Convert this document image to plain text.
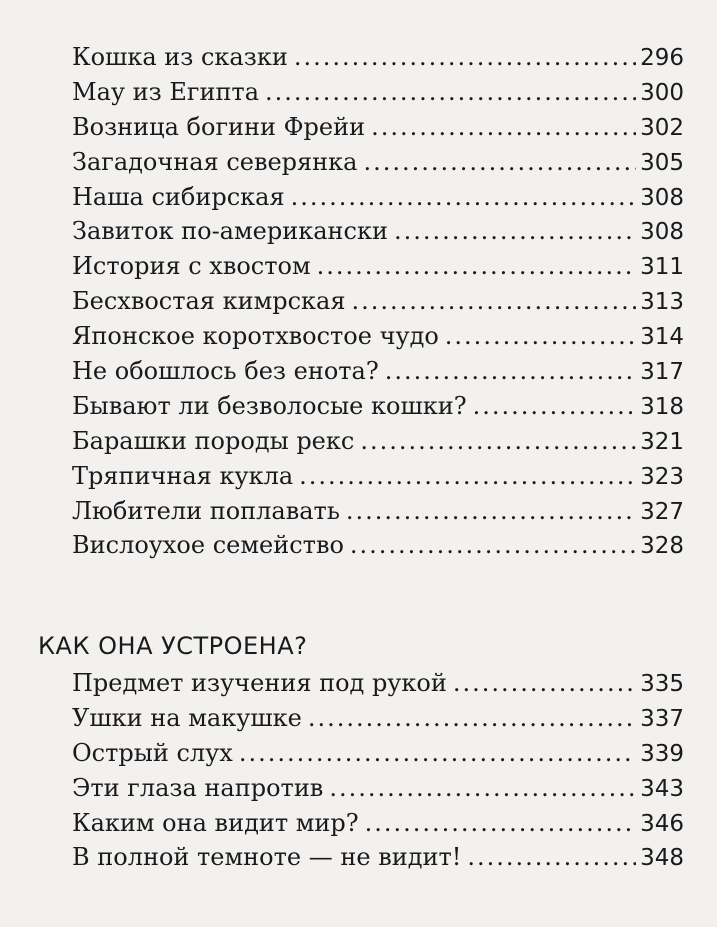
Кошка из сказки .....	296
Мау из Египта .....	300
Возница богини Фрейи .....	302
Загадочная северянка .....	305
Наша сибирская .....	308
Завиток по-американски .....	308
История с хвостом .....	311
Бесхвостая кимрская .....	313
Японское коротхвостое чудо .....	314
Не обошлось без енота? .....	317
Бывают ли безволосые кошки? .....	318
Барашки породы рекс .....	321
Тряпичная кукла .....	323
Любители поплавать .....	327
Вислоухое семейство .....	328
КАК ОНА УСТРОЕНА?
Предмет изучения под рукой .....	335
Ушки на макушке .....	337
Острый слух .....	339
Эти глаза напротив .....	343
Каким она видит мир? .....	346
В полной темноте — не видит! .....	348
